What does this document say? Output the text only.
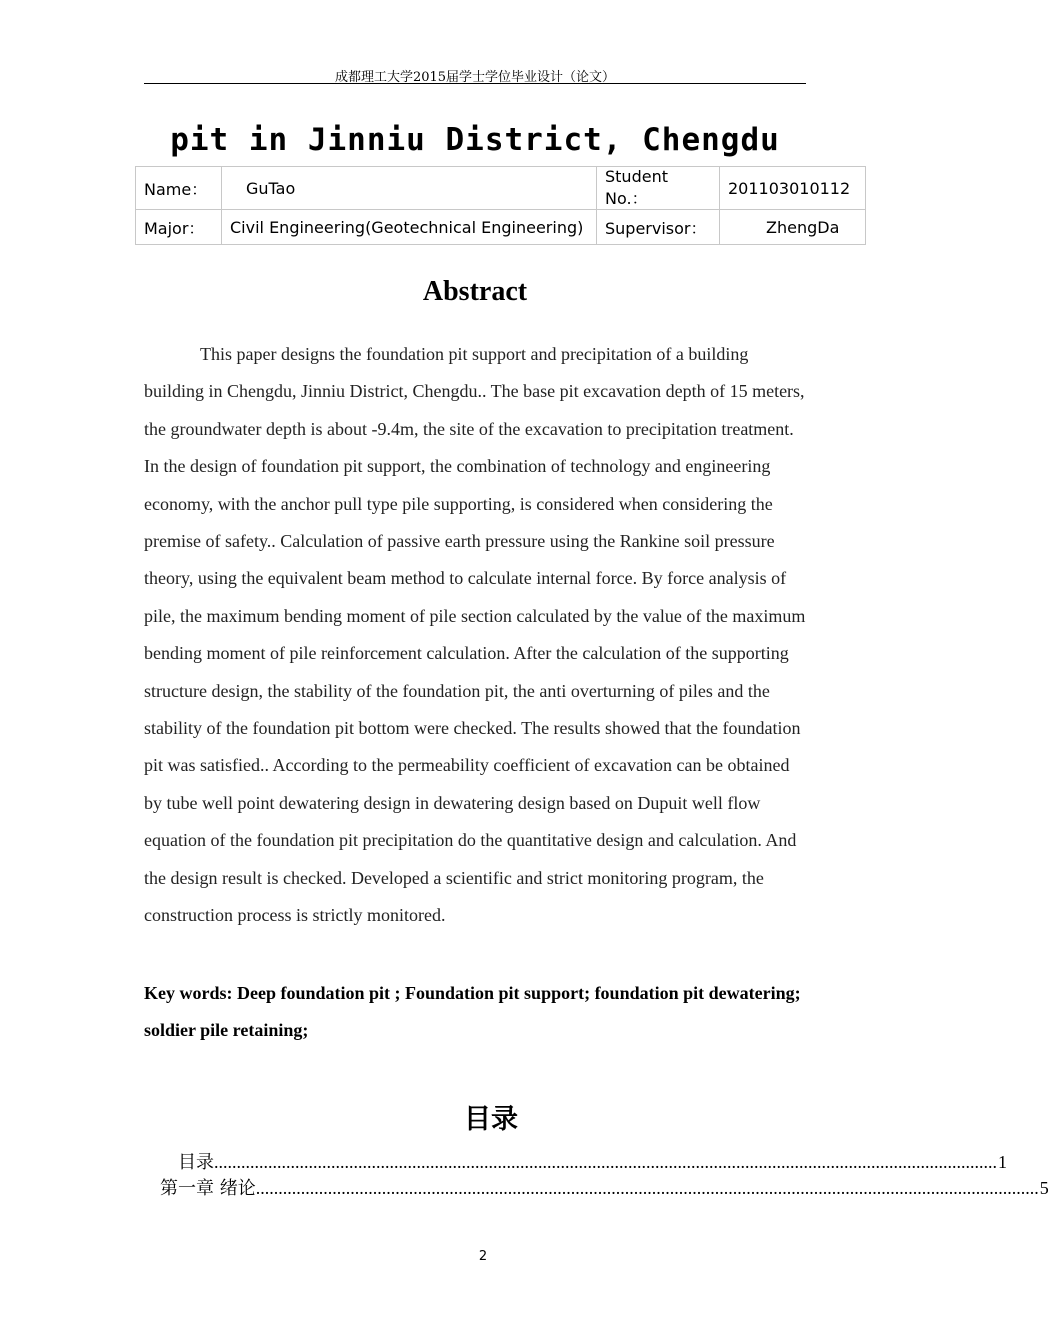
成都理工大学2015届学士学位毕业设计（论文）
pit in Jinniu District, Chengdu
Name：	GuTao	Student No.：	201103010112
Major：	Civil Engineering(Geotechnical Engineering)	Supervisor：	ZhengDa
Abstract
This paper designs the foundation pit support and precipitation of a building building in Chengdu, Jinniu District, Chengdu.. The base pit excavation depth of 15 meters, the groundwater depth is about -9.4m, the site of the excavation to precipitation treatment. In the design of foundation pit support, the combination of technology and engineering economy, with the anchor pull type pile supporting, is considered when considering the premise of safety.. Calculation of passive earth pressure using the Rankine soil pressure theory, using the equivalent beam method to calculate internal force. By force analysis of pile, the maximum bending moment of pile section calculated by the value of the maximum bending moment of pile reinforcement calculation. After the calculation of the supporting structure design, the stability of the foundation pit, the anti overturning of piles and the stability of the foundation pit bottom were checked. The results showed that the foundation pit was satisfied.. According to the permeability coefficient of excavation can be obtained by tube well point dewatering design in dewatering design based on Dupuit well flow equation of the foundation pit precipitation do the quantitative design and calculation. And the design result is checked. Developed a scientific and strict monitoring program, the construction process is strictly monitored.
Key words: Deep foundation pit ; Foundation pit support; foundation pit dewatering; soldier pile retaining;
目录
目录 .............................................................................................................................................................................. 1
第一章 绪论 .............................................................................................................................................................................. 5
2
